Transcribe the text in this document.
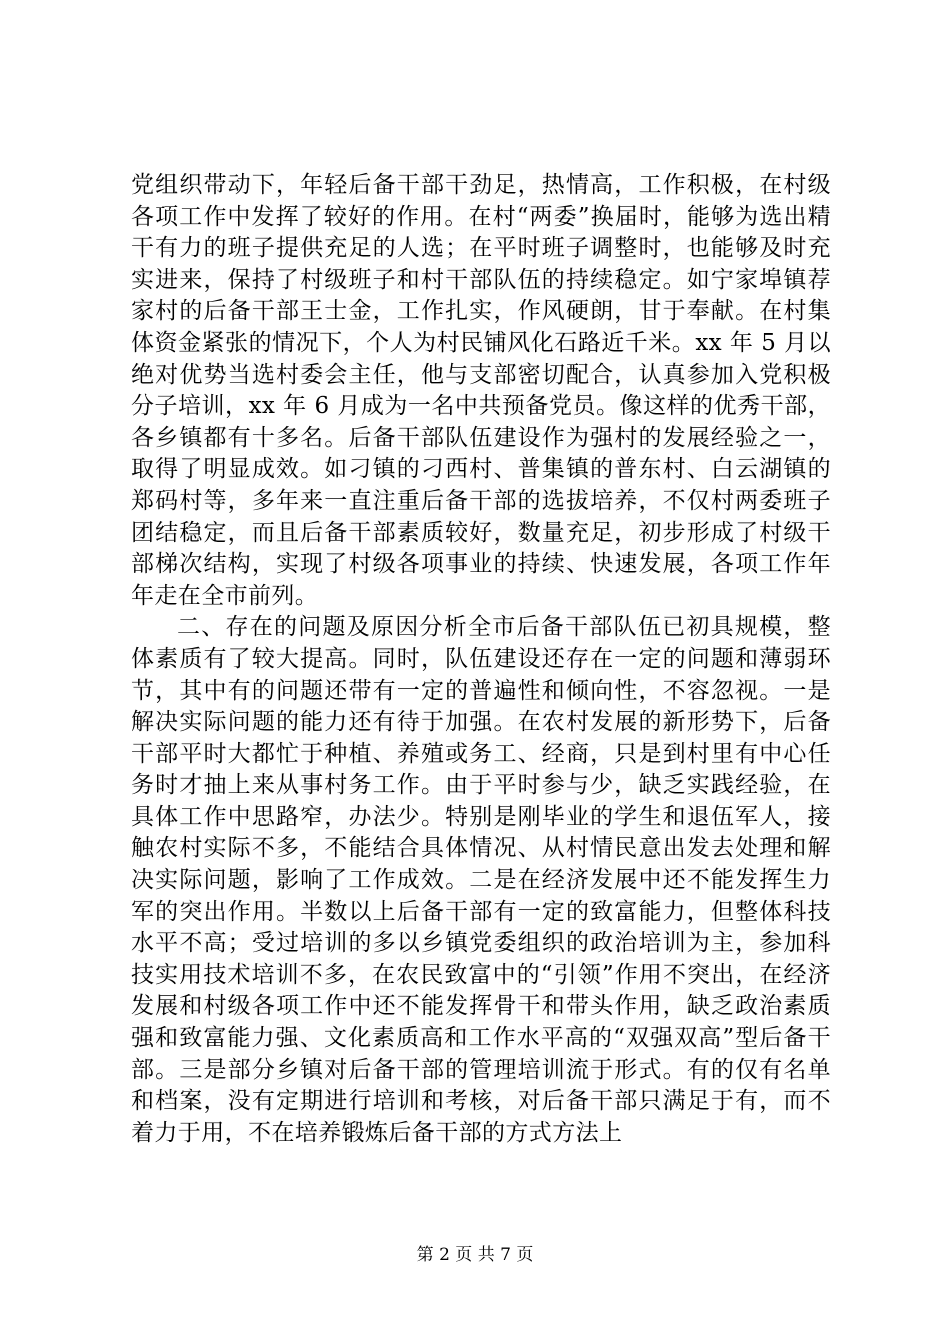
党组织带动下，年轻后备干部干劲足，热情高，工作积极，在村级各项工作中发挥了较好的作用。在村“两委”换届时，能够为选出精干有力的班子提供充足的人选；在平时班子调整时，也能够及时充实进来，保持了村级班子和村干部队伍的持续稳定。如宁家埠镇荐家村的后备干部王士金，工作扎实，作风硬朗，甘于奉献。在村集体资金紧张的情况下，个人为村民铺风化石路近千米。xx 年 5 月以绝对优势当选村委会主任，他与支部密切配合，认真参加入党积极分子培训，xx 年 6 月成为一名中共预备党员。像这样的优秀干部，各乡镇都有十多名。后备干部队伍建设作为强村的发展经验之一，取得了明显成效。如刁镇的刁西村、普集镇的普东村、白云湖镇的郑码村等，多年来一直注重后备干部的选拔培养，不仅村两委班子团结稳定，而且后备干部素质较好，数量充足，初步形成了村级干部梯次结构，实现了村级各项事业的持续、快速发展，各项工作年年走在全市前列。

二、存在的问题及原因分析全市后备干部队伍已初具规模，整体素质有了较大提高。同时，队伍建设还存在一定的问题和薄弱环节，其中有的问题还带有一定的普遍性和倾向性，不容忽视。一是解决实际问题的能力还有待于加强。在农村发展的新形势下，后备干部平时大都忙于种植、养殖或务工、经商，只是到村里有中心任务时才抽上来从事村务工作。由于平时参与少，缺乏实践经验，在具体工作中思路窄，办法少。特别是刚毕业的学生和退伍军人，接触农村实际不多，不能结合具体情况、从村情民意出发去处理和解决实际问题，影响了工作成效。二是在经济发展中还不能发挥生力军的突出作用。半数以上后备干部有一定的致富能力，但整体科技水平不高；受过培训的多以乡镇党委组织的政治培训为主，参加科技实用技术培训不多，在农民致富中的“引领”作用不突出，在经济发展和村级各项工作中还不能发挥骨干和带头作用，缺乏政治素质强和致富能力强、文化素质高和工作水平高的“双强双高”型后备干部。三是部分乡镇对后备干部的管理培训流于形式。有的仅有名单和档案，没有定期进行培训和考核，对后备干部只满足于有，而不着力于用，不在培养锻炼后备干部的方式方法上

第 2 页 共 7 页
